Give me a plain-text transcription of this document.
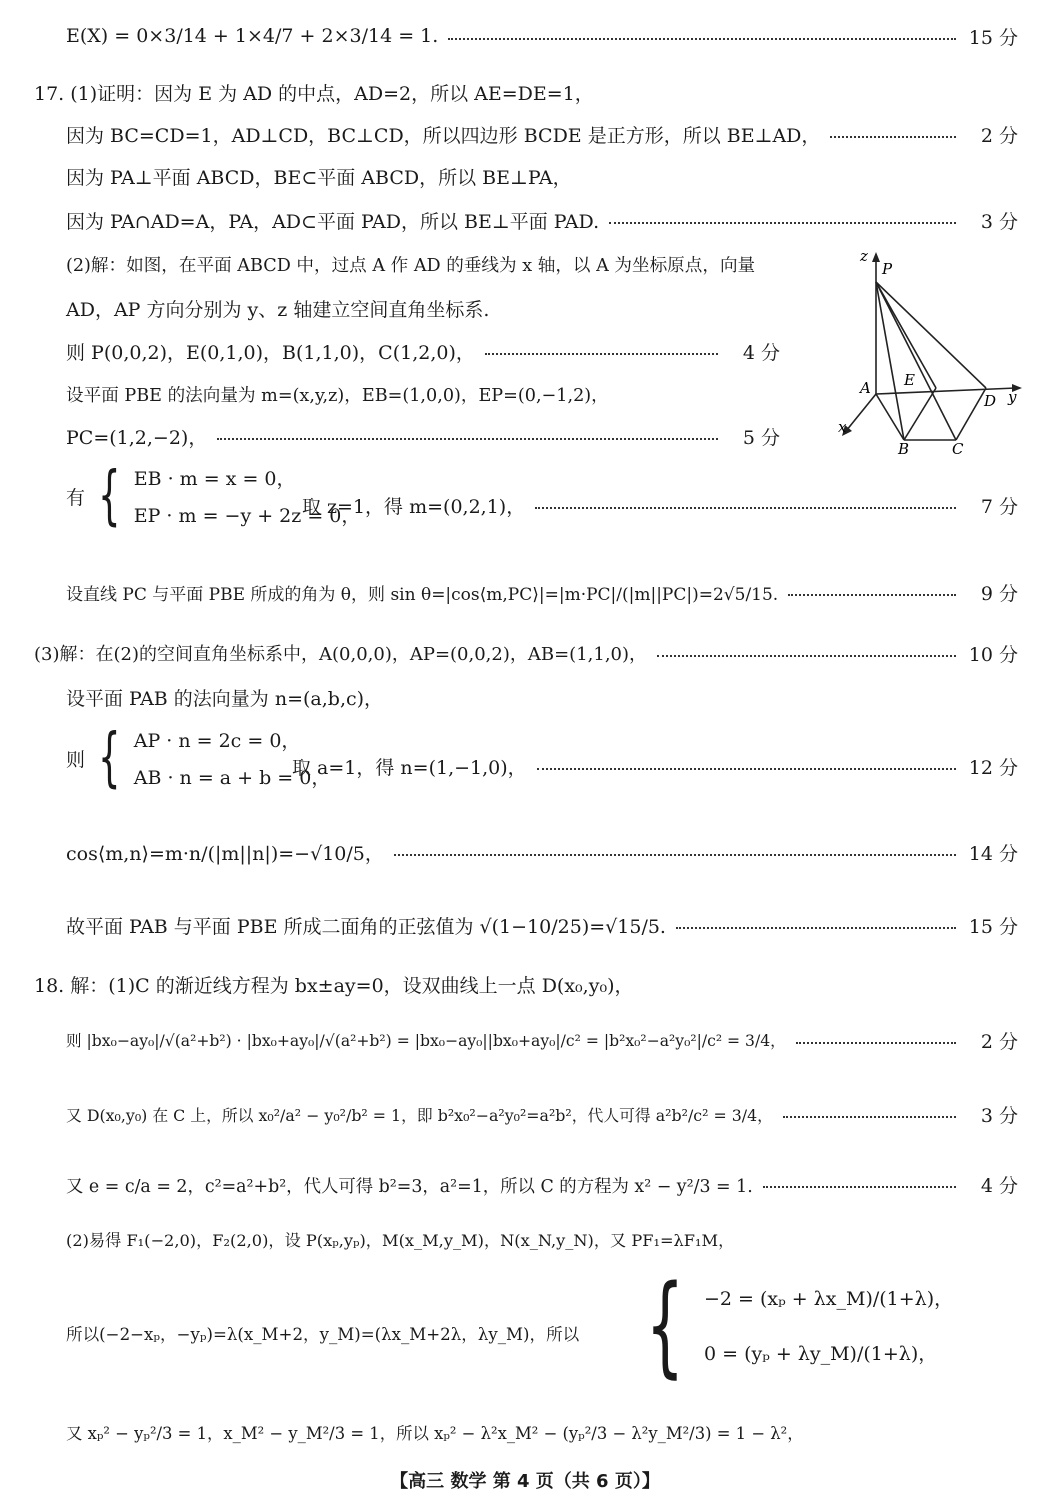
E(X) = 0×3/14 + 1×4/7 + 2×3/14 = 1.	15 分
17. (1)证明：因为 E 为 AD 的中点，AD=2，所以 AE=DE=1，
因为 BC=CD=1，AD⊥CD，BC⊥CD，所以四边形 BCDE 是正方形，所以 BE⊥AD，	2 分
因为 PA⊥平面 ABCD，BE⊂平面 ABCD，所以 BE⊥PA，
因为 PA∩AD=A，PA，AD⊂平面 PAD，所以 BE⊥平面 PAD.	3 分
(2)解：如图，在平面 ABCD 中，过点 A 作 AD 的垂线为 x 轴，以 A 为坐标原点，向量
AD，AP 方向分别为 y、z 轴建立空间直角坐标系.
则 P(0,0,2)，E(0,1,0)，B(1,1,0)，C(1,2,0)，	4 分
设平面 PBE 的法向量为 m=(x,y,z)，EB=(1,0,0)，EP=(0,−1,2)，
PC=(1,2,−2)，	5 分
z
P
A E
D y
x
B	C
有 { EB · m = x = 0，
EP · m = −y + 2z = 0，
取 z=1，得 m=(0,2,1)，	7 分
设直线 PC 与平面 PBE 所成的角为 θ，则 sin θ=|cos⟨m,PC⟩|=|m·PC|/(|m||PC|)=2√5/15.	9 分
(3)解：在(2)的空间直角坐标系中，A(0,0,0)，AP=(0,0,2)，AB=(1,1,0)，	10 分
设平面 PAB 的法向量为 n=(a,b,c)，
则 { AP · n = 2c = 0，
AB · n = a + b = 0，
取 a=1，得 n=(1,−1,0)，	12 分
cos⟨m,n⟩=m·n/(|m||n|)=−√10/5，	14 分
故平面 PAB 与平面 PBE 所成二面角的正弦值为 √(1−10/25)=√15/5.	15 分
18. 解：(1)C 的渐近线方程为 bx±ay=0，设双曲线上一点 D(x₀,y₀)，
则 |bx₀−ay₀|/√(a²+b²) · |bx₀+ay₀|/√(a²+b²) = |bx₀−ay₀||bx₀+ay₀|/c² = |b²x₀²−a²y₀²|/c² = 3/4，	2 分
又 D(x₀,y₀) 在 C 上，所以 x₀²/a² − y₀²/b² = 1，即 b²x₀²−a²y₀²=a²b²，代人可得 a²b²/c² = 3/4，	3 分
又 e = c/a = 2，c²=a²+b²，代人可得 b²=3，a²=1，所以 C 的方程为 x² − y²/3 = 1.	4 分
(2)易得 F₁(−2,0)，F₂(2,0)，设 P(xₚ,yₚ)，M(x_M,y_M)，N(x_N,y_N)，又 PF₁=λF₁M，
所以(−2−xₚ，−yₚ)=λ(x_M+2，y_M)=(λx_M+2λ，λy_M)，所以 { −2 = (xₚ + λx_M)/(1+λ)，
0 = (yₚ + λy_M)/(1+λ)，
又 xₚ² − yₚ²/3 = 1，x_M² − y_M²/3 = 1，所以 xₚ² − λ²x_M² − (yₚ²/3 − λ²y_M²/3) = 1 − λ²，
【高三 数学 第 4 页（共 6 页）】
